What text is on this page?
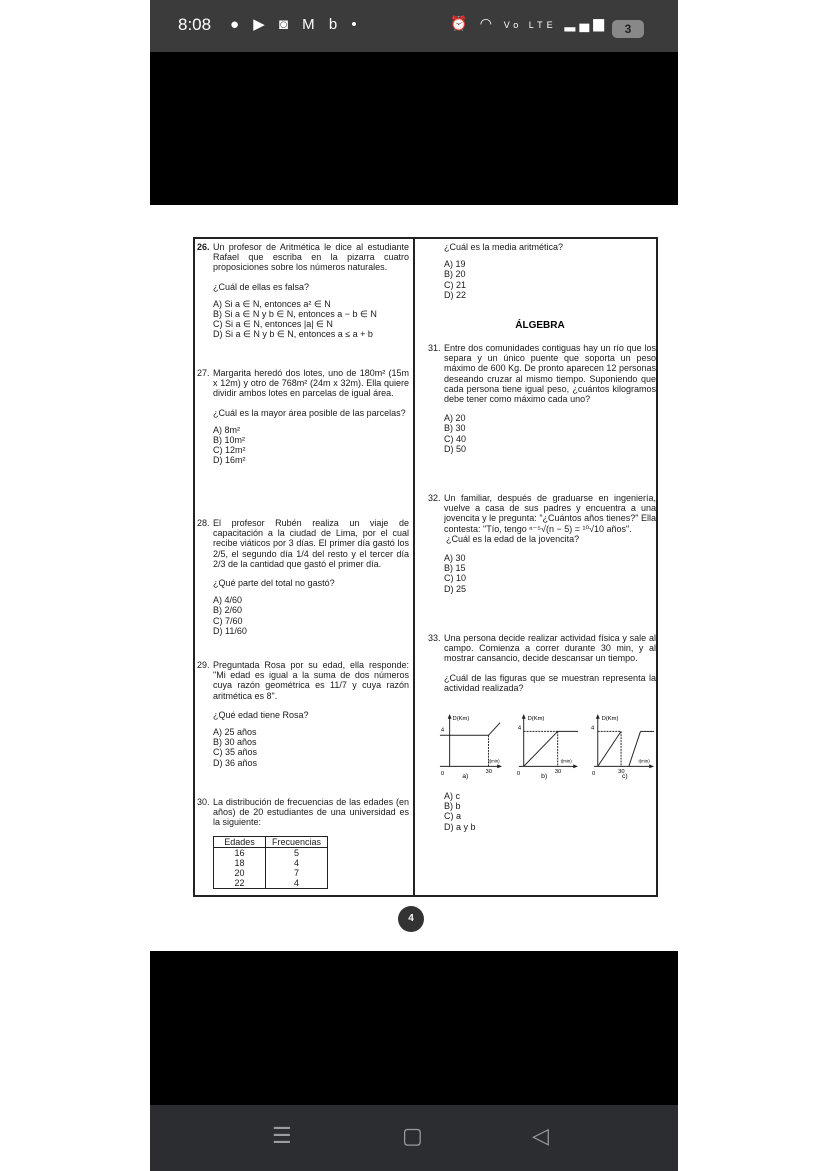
8:08 ● ▶ ◙ M b •	⏰ ◠ Vo LTE ▂▄▆	3
☰	▢	◁
26. Un profesor de Aritmética le dice al estudiante Rafael que escriba en la pizarra cuatro proposiciones sobre los números naturales.
¿Cuál de ellas es falsa?
A) Si a ∈ N, entonces a² ∈ N
B) Si a ∈ N y b ∈ N, entonces a − b ∈ N
C) Si a ∈ N, entonces |a| ∈ N
D) Si a ∈ N y b ∈ N, entonces a ≤ a + b
27. Margarita heredó dos lotes, uno de 180m² (15m x 12m) y otro de 768m² (24m x 32m). Ella quiere dividir ambos lotes en parcelas de igual área.
¿Cuál es la mayor área posible de las parcelas?
A) 8m²
B) 10m²
C) 12m²
D) 16m²
28. El profesor Rubén realiza un viaje de capacitación a la ciudad de Lima, por el cual recibe viáticos por 3 días. El primer día gastó los 2/5, el segundo día 1/4 del resto y el tercer día 2/3 de la cantidad que gastó el primer día.
¿Qué parte del total no gastó?
A) 4/60
B) 2/60
C) 7/60
D) 11/60
29. Preguntada Rosa por su edad, ella responde: "Mi edad es igual a la suma de dos números cuya razón geométrica es 11/7 y cuya razón aritmética es 8".
¿Qué edad tiene Rosa?
A) 25 años
B) 30 años
C) 35 años
D) 36 años
30. La distribución de frecuencias de las edades (en años) de 20 estudiantes de una universidad es la siguiente:
Edades	Frecuencias
16	5
18	4
20	7
22	4
¿Cuál es la media aritmética?
A) 19
B) 20
C) 21
D) 22
ÁLGEBRA
31. Entre dos comunidades contiguas hay un río que los separa y un único puente que soporta un peso máximo de 600 Kg. De pronto aparecen 12 personas deseando cruzar al mismo tiempo. Suponiendo que cada persona tiene igual peso, ¿cuántos kilogramos debe tener como máximo cada uno?
A) 20
B) 30
C) 40
D) 50
32. Un familiar, después de graduarse en ingeniería, vuelve a casa de sus padres y encuentra a una jovencita y le pregunta: "¿Cuántos años tienes?" Ella contesta: "Tío, tengo ⁿ⁻⁵√(n − 5) = ¹⁰√10 años".
¿Cuál es la edad de la jovencita?
A) 30
B) 15
C) 10
D) 25
33. Una persona decide realizar actividad física y sale al campo. Comienza a correr durante 30 min, y al mostrar cansancio, decide descansar un tiempo.
¿Cuál de las figuras que se muestran representa la actividad realizada?
D(Km)
4
t(min)
0	30
a)
D(Km)
4
t(min)
0	30
b)
D(Km)
4
t(min)
0	30
c)
A) c
B) b
C) a
D) a y b
4
